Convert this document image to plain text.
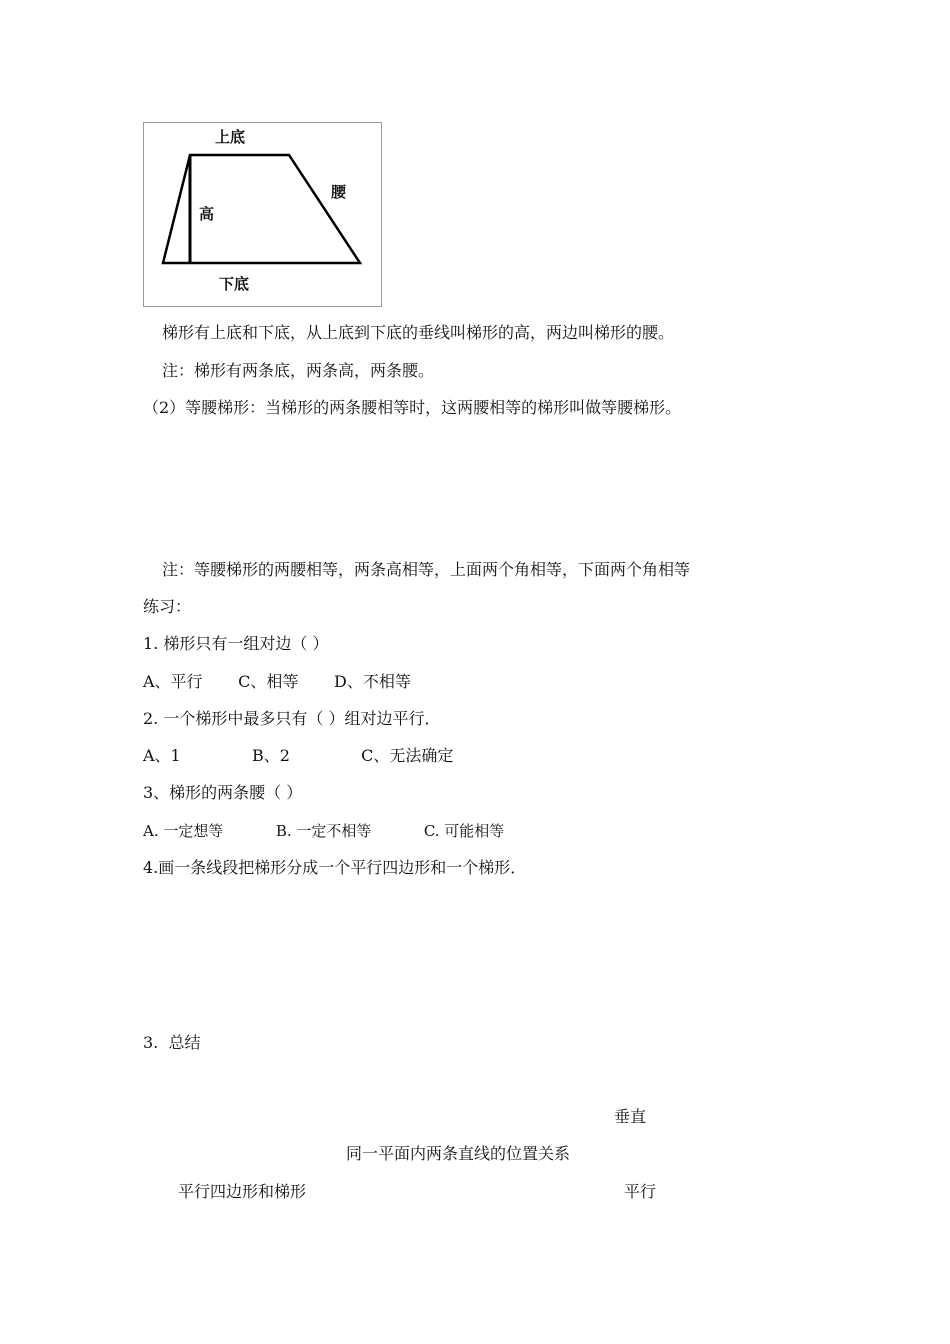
上底
腰
高
下底
梯形有上底和下底，从上底到下底的垂线叫梯形的高，两边叫梯形的腰。
注：梯形有两条底，两条高，两条腰。
（2）等腰梯形：当梯形的两条腰相等时，这两腰相等的梯形叫做等腰梯形。
注：等腰梯形的两腰相等，两条高相等，上面两个角相等，下面两个角相等
练习：
1. 梯形只有一组对边（ ）
A、平行       C、相等       D、不相等
2. 一个梯形中最多只有（ ）组对边平行．
A、1              B、2              C、无法确定
3、梯形的两条腰（ ）
A. 一定想等           B. 一定不相等           C. 可能相等
4.画一条线段把梯形分成一个平行四边形和一个梯形．
3.  总结
垂直
同一平面内两条直线的位置关系
平行四边形和梯形	平行
